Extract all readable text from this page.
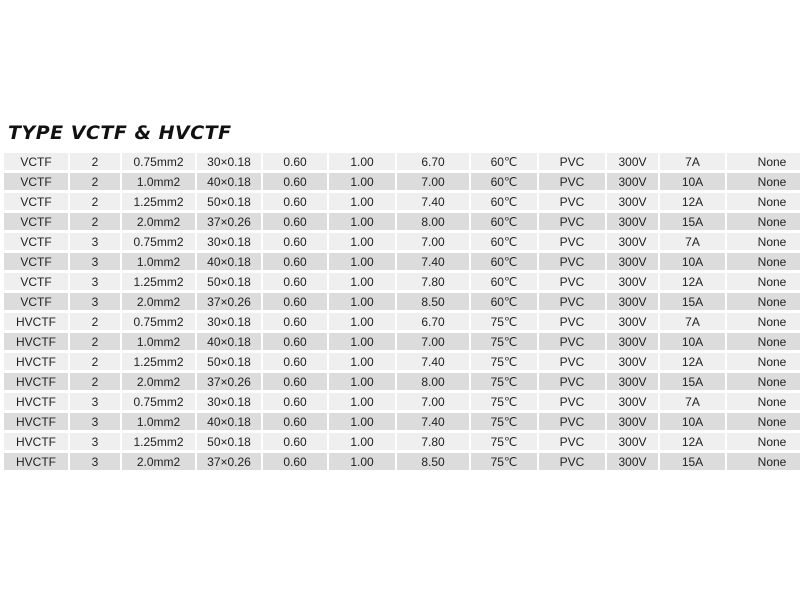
TYPE VCTF & HVCTF
VCTF	2	0.75mm2	30×0.18	0.60	1.00	6.70	60℃	PVC	300V	7A	None
VCTF	2	1.0mm2	40×0.18	0.60	1.00	7.00	60℃	PVC	300V	10A	None
VCTF	2	1.25mm2	50×0.18	0.60	1.00	7.40	60℃	PVC	300V	12A	None
VCTF	2	2.0mm2	37×0.26	0.60	1.00	8.00	60℃	PVC	300V	15A	None
VCTF	3	0.75mm2	30×0.18	0.60	1.00	7.00	60℃	PVC	300V	7A	None
VCTF	3	1.0mm2	40×0.18	0.60	1.00	7.40	60℃	PVC	300V	10A	None
VCTF	3	1.25mm2	50×0.18	0.60	1.00	7.80	60℃	PVC	300V	12A	None
VCTF	3	2.0mm2	37×0.26	0.60	1.00	8.50	60℃	PVC	300V	15A	None
HVCTF	2	0.75mm2	30×0.18	0.60	1.00	6.70	75℃	PVC	300V	7A	None
HVCTF	2	1.0mm2	40×0.18	0.60	1.00	7.00	75℃	PVC	300V	10A	None
HVCTF	2	1.25mm2	50×0.18	0.60	1.00	7.40	75℃	PVC	300V	12A	None
HVCTF	2	2.0mm2	37×0.26	0.60	1.00	8.00	75℃	PVC	300V	15A	None
HVCTF	3	0.75mm2	30×0.18	0.60	1.00	7.00	75℃	PVC	300V	7A	None
HVCTF	3	1.0mm2	40×0.18	0.60	1.00	7.40	75℃	PVC	300V	10A	None
HVCTF	3	1.25mm2	50×0.18	0.60	1.00	7.80	75℃	PVC	300V	12A	None
HVCTF	3	2.0mm2	37×0.26	0.60	1.00	8.50	75℃	PVC	300V	15A	None
